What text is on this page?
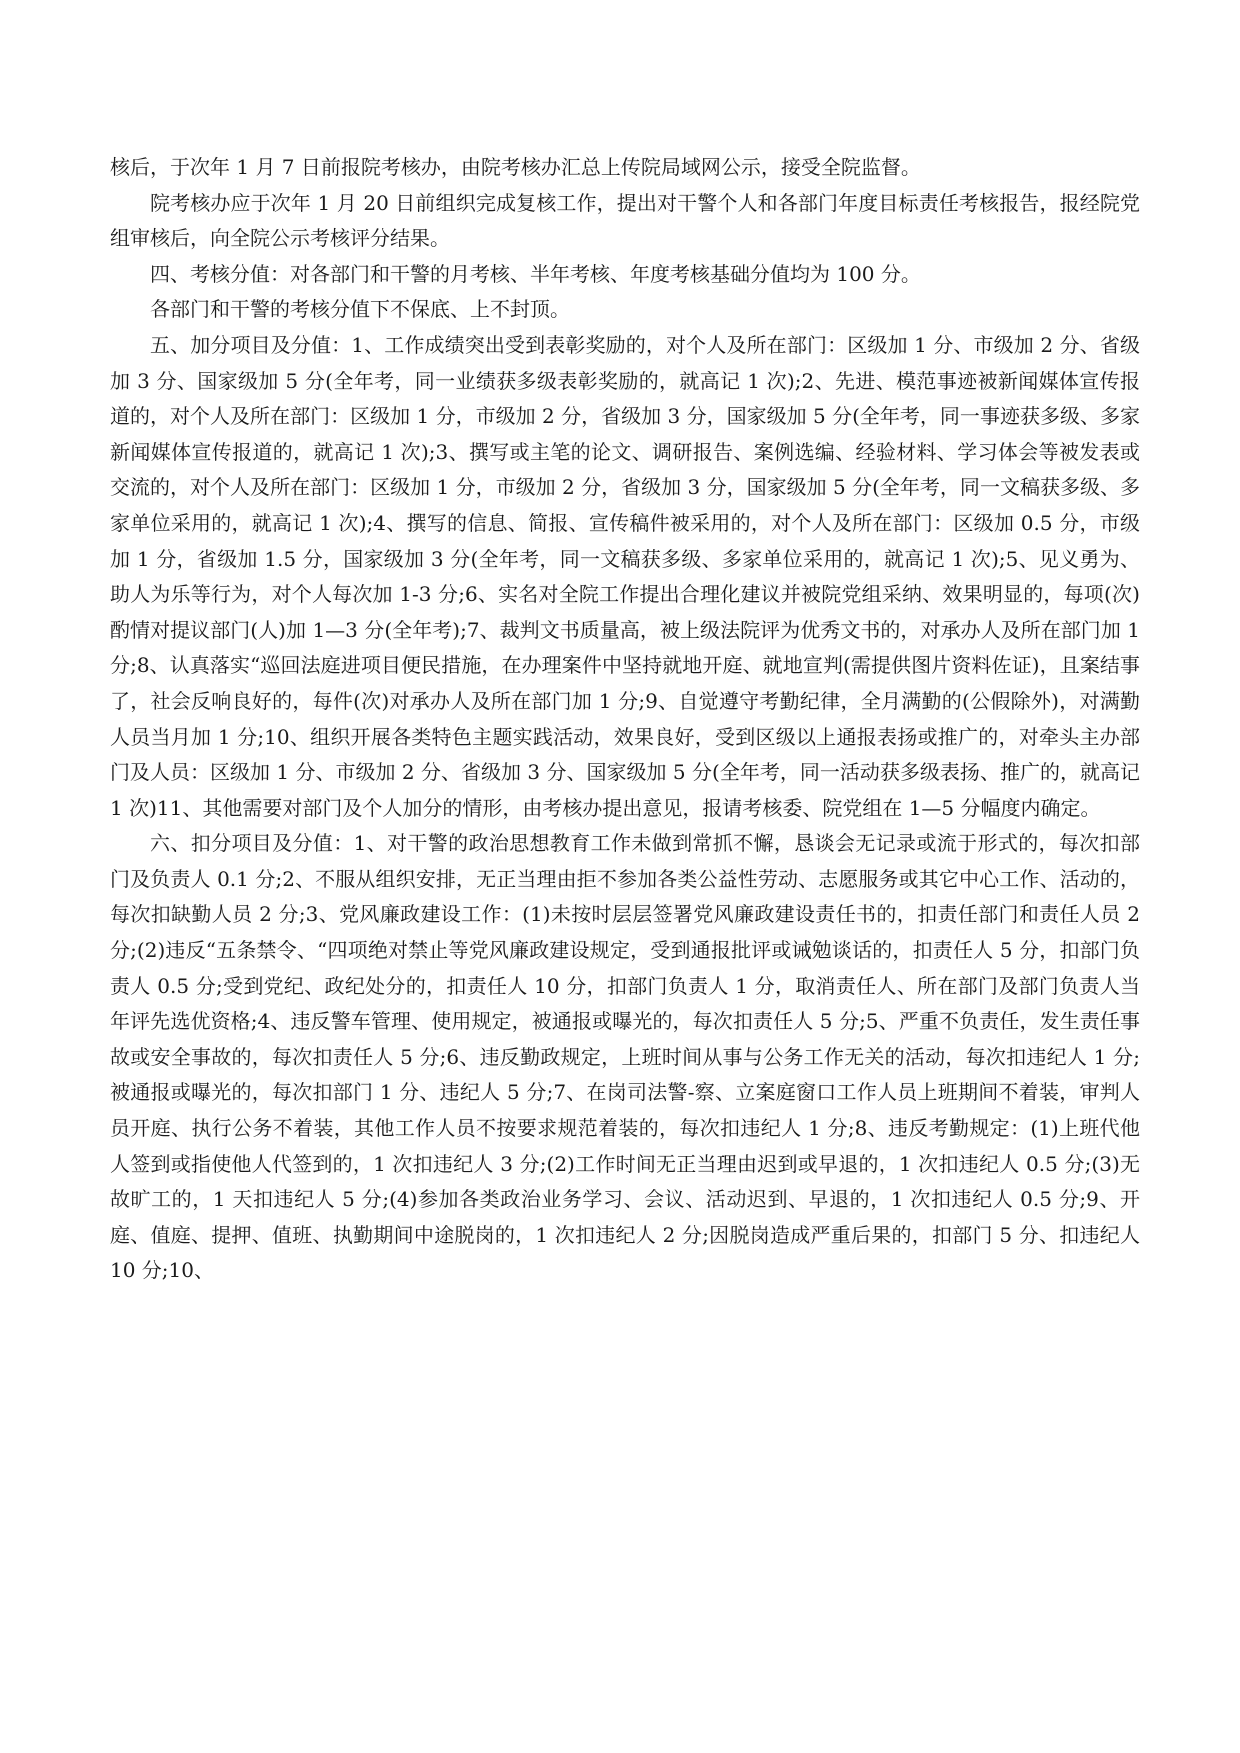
核后，于次年 1 月 7 日前报院考核办，由院考核办汇总上传院局域网公示，接受全院监督。

院考核办应于次年 1 月 20 日前组织完成复核工作，提出对干警个人和各部门年度目标责任考核报告，报经院党组审核后，向全院公示考核评分结果。

四、考核分值：对各部门和干警的月考核、半年考核、年度考核基础分值均为 100 分。

各部门和干警的考核分值下不保底、上不封顶。

五、加分项目及分值：1、工作成绩突出受到表彰奖励的，对个人及所在部门：区级加 1 分、市级加 2 分、省级加 3 分、国家级加 5 分(全年考，同一业绩获多级表彰奖励的，就高记 1 次);2、先进、模范事迹被新闻媒体宣传报道的，对个人及所在部门：区级加 1 分，市级加 2 分，省级加 3 分，国家级加 5 分(全年考，同一事迹获多级、多家新闻媒体宣传报道的，就高记 1 次);3、撰写或主笔的论文、调研报告、案例选编、经验材料、学习体会等被发表或交流的，对个人及所在部门：区级加 1 分，市级加 2 分，省级加 3 分，国家级加 5 分(全年考，同一文稿获多级、多家单位采用的，就高记 1 次);4、撰写的信息、简报、宣传稿件被采用的，对个人及所在部门：区级加 0.5 分，市级加 1 分，省级加 1.5 分，国家级加 3 分(全年考，同一文稿获多级、多家单位采用的，就高记 1 次);5、见义勇为、助人为乐等行为，对个人每次加 1-3 分;6、实名对全院工作提出合理化建议并被院党组采纳、效果明显的，每项(次)酌情对提议部门(人)加 1—3 分(全年考);7、裁判文书质量高，被上级法院评为优秀文书的，对承办人及所在部门加 1 分;8、认真落实“巡回法庭进项目便民措施，在办理案件中坚持就地开庭、就地宣判(需提供图片资料佐证)，且案结事了，社会反响良好的，每件(次)对承办人及所在部门加 1 分;9、自觉遵守考勤纪律，全月满勤的(公假除外)，对满勤人员当月加 1 分;10、组织开展各类特色主题实践活动，效果良好，受到区级以上通报表扬或推广的，对牵头主办部门及人员：区级加 1 分、市级加 2 分、省级加 3 分、国家级加 5 分(全年考，同一活动获多级表扬、推广的，就高记 1 次)11、其他需要对部门及个人加分的情形，由考核办提出意见，报请考核委、院党组在 1—5 分幅度内确定。

六、扣分项目及分值：1、对干警的政治思想教育工作未做到常抓不懈，恳谈会无记录或流于形式的，每次扣部门及负责人 0.1 分;2、不服从组织安排，无正当理由拒不参加各类公益性劳动、志愿服务或其它中心工作、活动的，每次扣缺勤人员 2 分;3、党风廉政建设工作：(1)未按时层层签署党风廉政建设责任书的，扣责任部门和责任人员 2 分;(2)违反“五条禁令、“四项绝对禁止等党风廉政建设规定，受到通报批评或诫勉谈话的，扣责任人 5 分，扣部门负责人 0.5 分;受到党纪、政纪处分的，扣责任人 10 分，扣部门负责人 1 分，取消责任人、所在部门及部门负责人当年评先选优资格;4、违反警车管理、使用规定，被通报或曝光的，每次扣责任人 5 分;5、严重不负责任，发生责任事故或安全事故的，每次扣责任人 5 分;6、违反勤政规定，上班时间从事与公务工作无关的活动，每次扣违纪人 1 分;被通报或曝光的，每次扣部门 1 分、违纪人 5 分;7、在岗司法警-察、立案庭窗口工作人员上班期间不着装，审判人员开庭、执行公务不着装，其他工作人员不按要求规范着装的，每次扣违纪人 1 分;8、违反考勤规定：(1)上班代他人签到或指使他人代签到的，1 次扣违纪人 3 分;(2)工作时间无正当理由迟到或早退的，1 次扣违纪人 0.5 分;(3)无故旷工的，1 天扣违纪人 5 分;(4)参加各类政治业务学习、会议、活动迟到、早退的，1 次扣违纪人 0.5 分;9、开庭、值庭、提押、值班、执勤期间中途脱岗的，1 次扣违纪人 2 分;因脱岗造成严重后果的，扣部门 5 分、扣违纪人 10 分;10、
